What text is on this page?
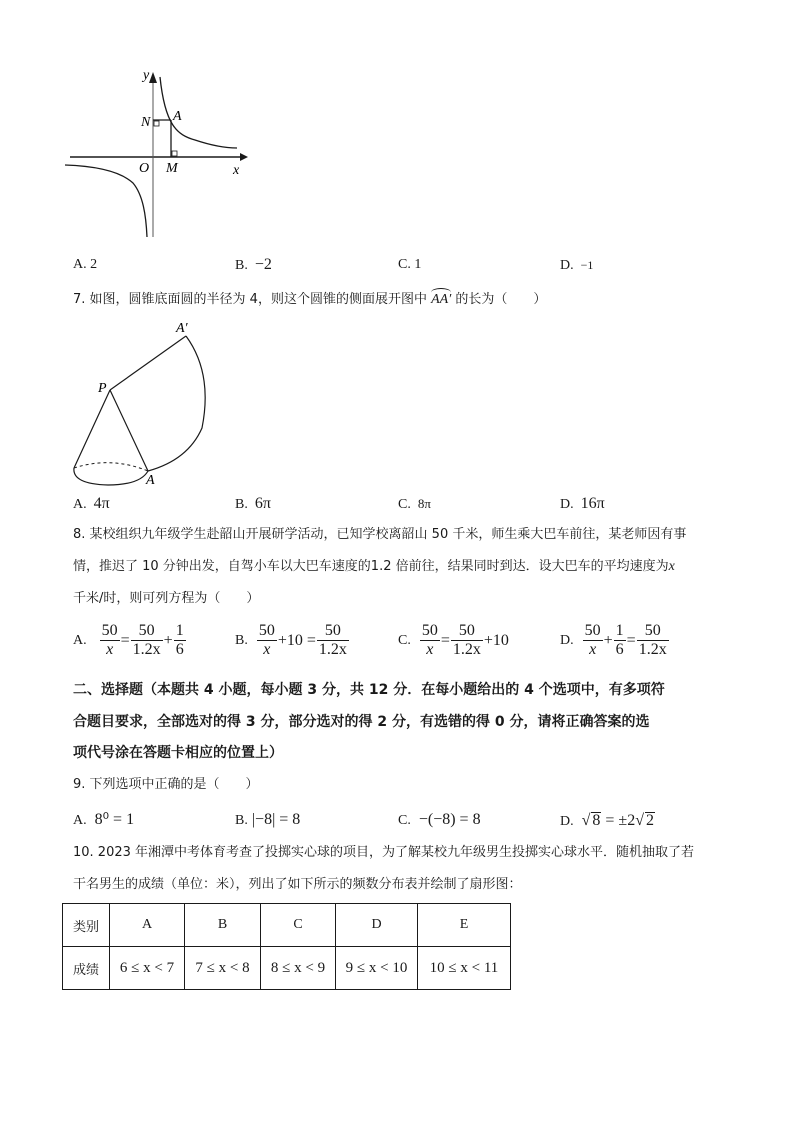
y
N A
O M	x
A. 2	B. −2	C. 1	D. −1
7. 如图，圆锥底面圆的半径为 4，则这个圆锥的侧面展开图中 AA′ 的长为（　　）
P
A
A′
A. 4π	B. 6π	C. 8π	D. 16π
8. 某校组织九年级学生赴韶山开展研学活动，已知学校离韶山 50 千米，师生乘大巴车前往，某老师因有事
情，推迟了 10 分钟出发，自驾小车以大巴车速度的1.2 倍前往，结果同时到达．设大巴车的平均速度为x
千米/时，则可列方程为（　　）
A. $\frac{50}{x} = \frac{50}{1.2x} + \frac{1}{6}$	B. $\frac{50}{x} +10 = \frac{50}{1.2x}$	C. $\frac{50}{x} = \frac{50}{1.2x} +10$	D. $\frac{50}{x} + \frac{1}{6} = \frac{50}{1.2x}$
二、选择题（本题共 4 小题，每小题 3 分，共 12 分．在每小题给出的 4 个选项中，有多项符
合题目要求，全部选对的得 3 分，部分选对的得 2 分，有选错的得 0 分，请将正确答案的选
项代号涂在答题卡相应的位置上）
9. 下列选项中正确的是（　　）
A. 8⁰ = 1	B. |−8| = 8	C. −(−8) = 8	D. √ 8 = ±2√ 2
10. 2023 年湘潭中考体育考查了投掷实心球的项目，为了解某校九年级男生投掷实心球水平．随机抽取了若
干名男生的成绩（单位：米），列出了如下所示的频数分布表并绘制了扇形图：
类别	A	B	C	D	E
成绩	6 ≤ x < 7	7 ≤ x < 8	8 ≤ x < 9	9 ≤ x < 10	10 ≤ x < 11
